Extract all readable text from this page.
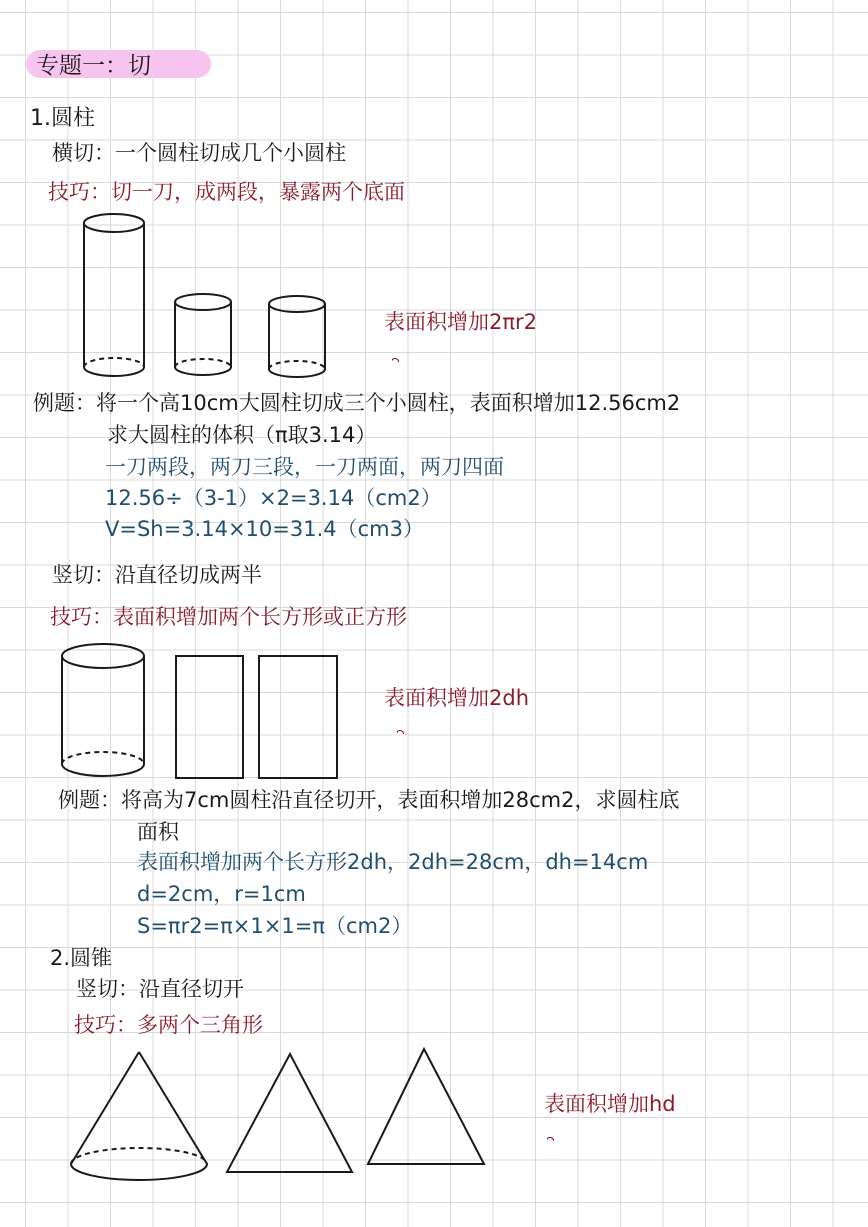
专题一：切
1.圆柱
横切：一个圆柱切成几个小圆柱
技巧：切一刀，成两段，暴露两个底面
表面积增加2πr2
例题：将一个高10cm大圆柱切成三个小圆柱，表面积增加12.56cm2
求大圆柱的体积（π取3.14）
一刀两段，两刀三段，一刀两面，两刀四面
12.56÷（3-1）×2=3.14（cm2）
V=Sh=3.14×10=31.4（cm3）
竖切：沿直径切成两半
技巧：表面积增加两个长方形或正方形
表面积增加2dh
例题：将高为7cm圆柱沿直径切开，表面积增加28cm2，求圆柱底
面积
表面积增加两个长方形2dh，2dh=28cm，dh=14cm
d=2cm，r=1cm
S=πr2=π×1×1=π（cm2）
2.圆锥
竖切：沿直径切开
技巧：多两个三角形
表面积增加hd
